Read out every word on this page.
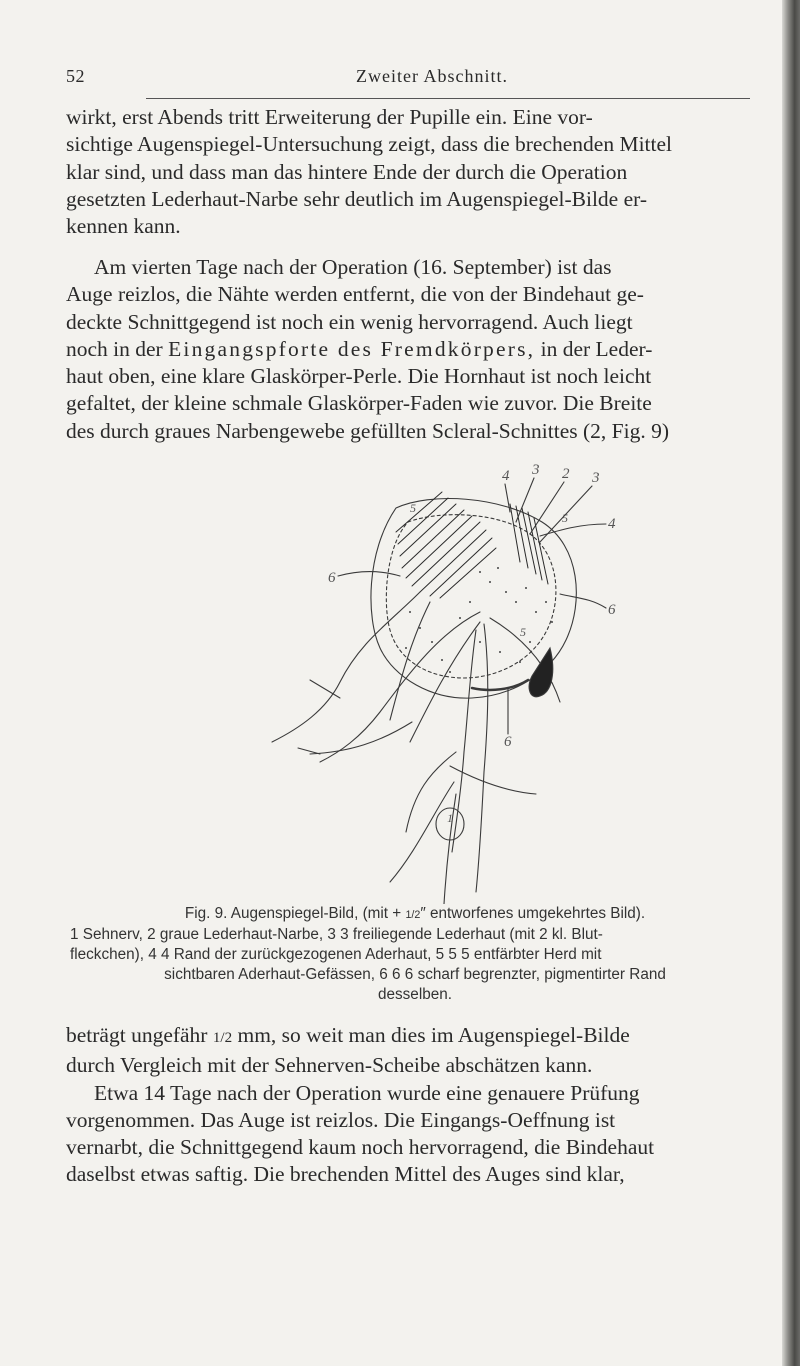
52	Zweiter Abschnitt.

wirkt, erst Abends tritt Erweiterung der Pupille ein. Eine vor-
sichtige Augenspiegel-Untersuchung zeigt, dass die brechenden Mittel
klar sind, und dass man das hintere Ende der durch die Operation
gesetzten Lederhaut-Narbe sehr deutlich im Augenspiegel-Bilde er-
kennen kann.

Am vierten Tage nach der Operation (16. September) ist das
Auge reizlos, die Nähte werden entfernt, die von der Bindehaut ge-
deckte Schnittgegend ist noch ein wenig hervorragend. Auch liegt
noch in der Eingangspforte des Fremdkörpers, in der Leder-
haut oben, eine klare Glaskörper-Perle. Die Hornhaut ist noch leicht
gefaltet, der kleine schmale Glaskörper-Faden wie zuvor. Die Breite
des durch graues Narbengewebe gefüllten Scleral-Schnittes (2, Fig. 9)

4 3 2 3
4
6
6
6
5
5
5
1
Fig. 9. Augenspiegel-Bild, (mit + 1/2″ entworfenes umgekehrtes Bild).
1 Sehnerv, 2 graue Lederhaut-Narbe, 3 3 freiliegende Lederhaut (mit 2 kl. Blut-
fleckchen), 4 4 Rand der zurückgezogenen Aderhaut, 5 5 5 entfärbter Herd mit
sichtbaren Aderhaut-Gefässen, 6 6 6 scharf begrenzter, pigmentirter Rand
desselben.

beträgt ungefähr 1/2 mm, so weit man dies im Augenspiegel-Bilde
durch Vergleich mit der Sehnerven-Scheibe abschätzen kann.
Etwa 14 Tage nach der Operation wurde eine genauere Prüfung
vorgenommen. Das Auge ist reizlos. Die Eingangs-Oeffnung ist
vernarbt, die Schnittgegend kaum noch hervorragend, die Bindehaut
daselbst etwas saftig. Die brechenden Mittel des Auges sind klar,
